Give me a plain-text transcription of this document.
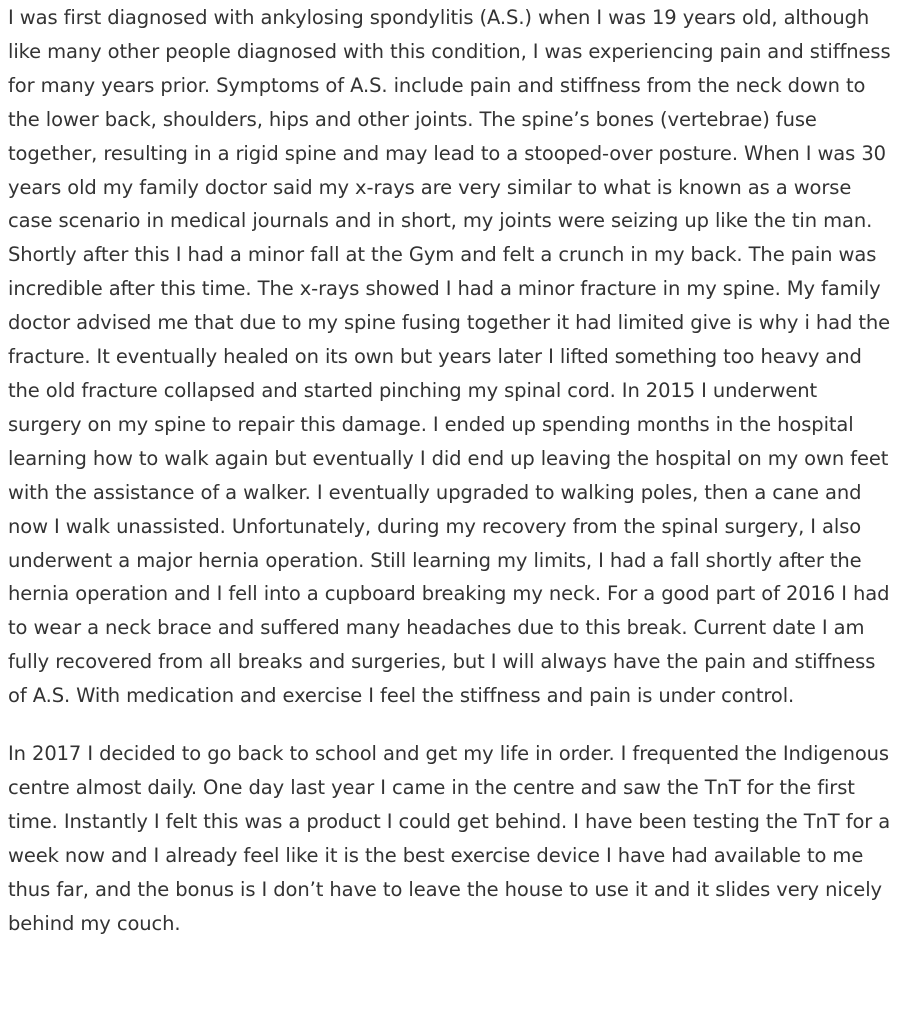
I was first diagnosed with ankylosing spondylitis (A.S.) when I was 19 years old, although like many other people diagnosed with this condition, I was experiencing pain and stiffness for many years prior. Symptoms of A.S. include pain and stiffness from the neck down to the lower back, shoulders, hips and other joints. The spine’s bones (vertebrae) fuse together, resulting in a rigid spine and may lead to a stooped-over posture. When I was 30 years old my family doctor said my x-rays are very similar to what is known as a worse case scenario in medical journals and in short, my joints were seizing up like the tin man. Shortly after this I had a minor fall at the Gym and felt a crunch in my back. The pain was incredible after this time. The x-rays showed I had a minor fracture in my spine. My family doctor advised me that due to my spine fusing together it had limited give is why i had the fracture. It eventually healed on its own but years later I lifted something too heavy and the old fracture collapsed and started pinching my spinal cord. In 2015 I underwent surgery on my spine to repair this damage. I ended up spending months in the hospital learning how to walk again but eventually I did end up leaving the hospital on my own feet with the assistance of a walker. I eventually upgraded to walking poles, then a cane and now I walk unassisted. Unfortunately, during my recovery from the spinal surgery, I also underwent a major hernia operation. Still learning my limits, I had a fall shortly after the hernia operation and I fell into a cupboard breaking my neck. For a good part of 2016 I had to wear a neck brace and suffered many headaches due to this break. Current date I am fully recovered from all breaks and surgeries, but I will always have the pain and stiffness of A.S. With medication and exercise I feel the stiffness and pain is under control.

In 2017 I decided to go back to school and get my life in order. I frequented the Indigenous centre almost daily. One day last year I came in the centre and saw the TnT for the first time. Instantly I felt this was a product I could get behind. I have been testing the TnT for a week now and I already feel like it is the best exercise device I have had available to me thus far, and the bonus is I don’t have to leave the house to use it and it slides very nicely behind my couch.
